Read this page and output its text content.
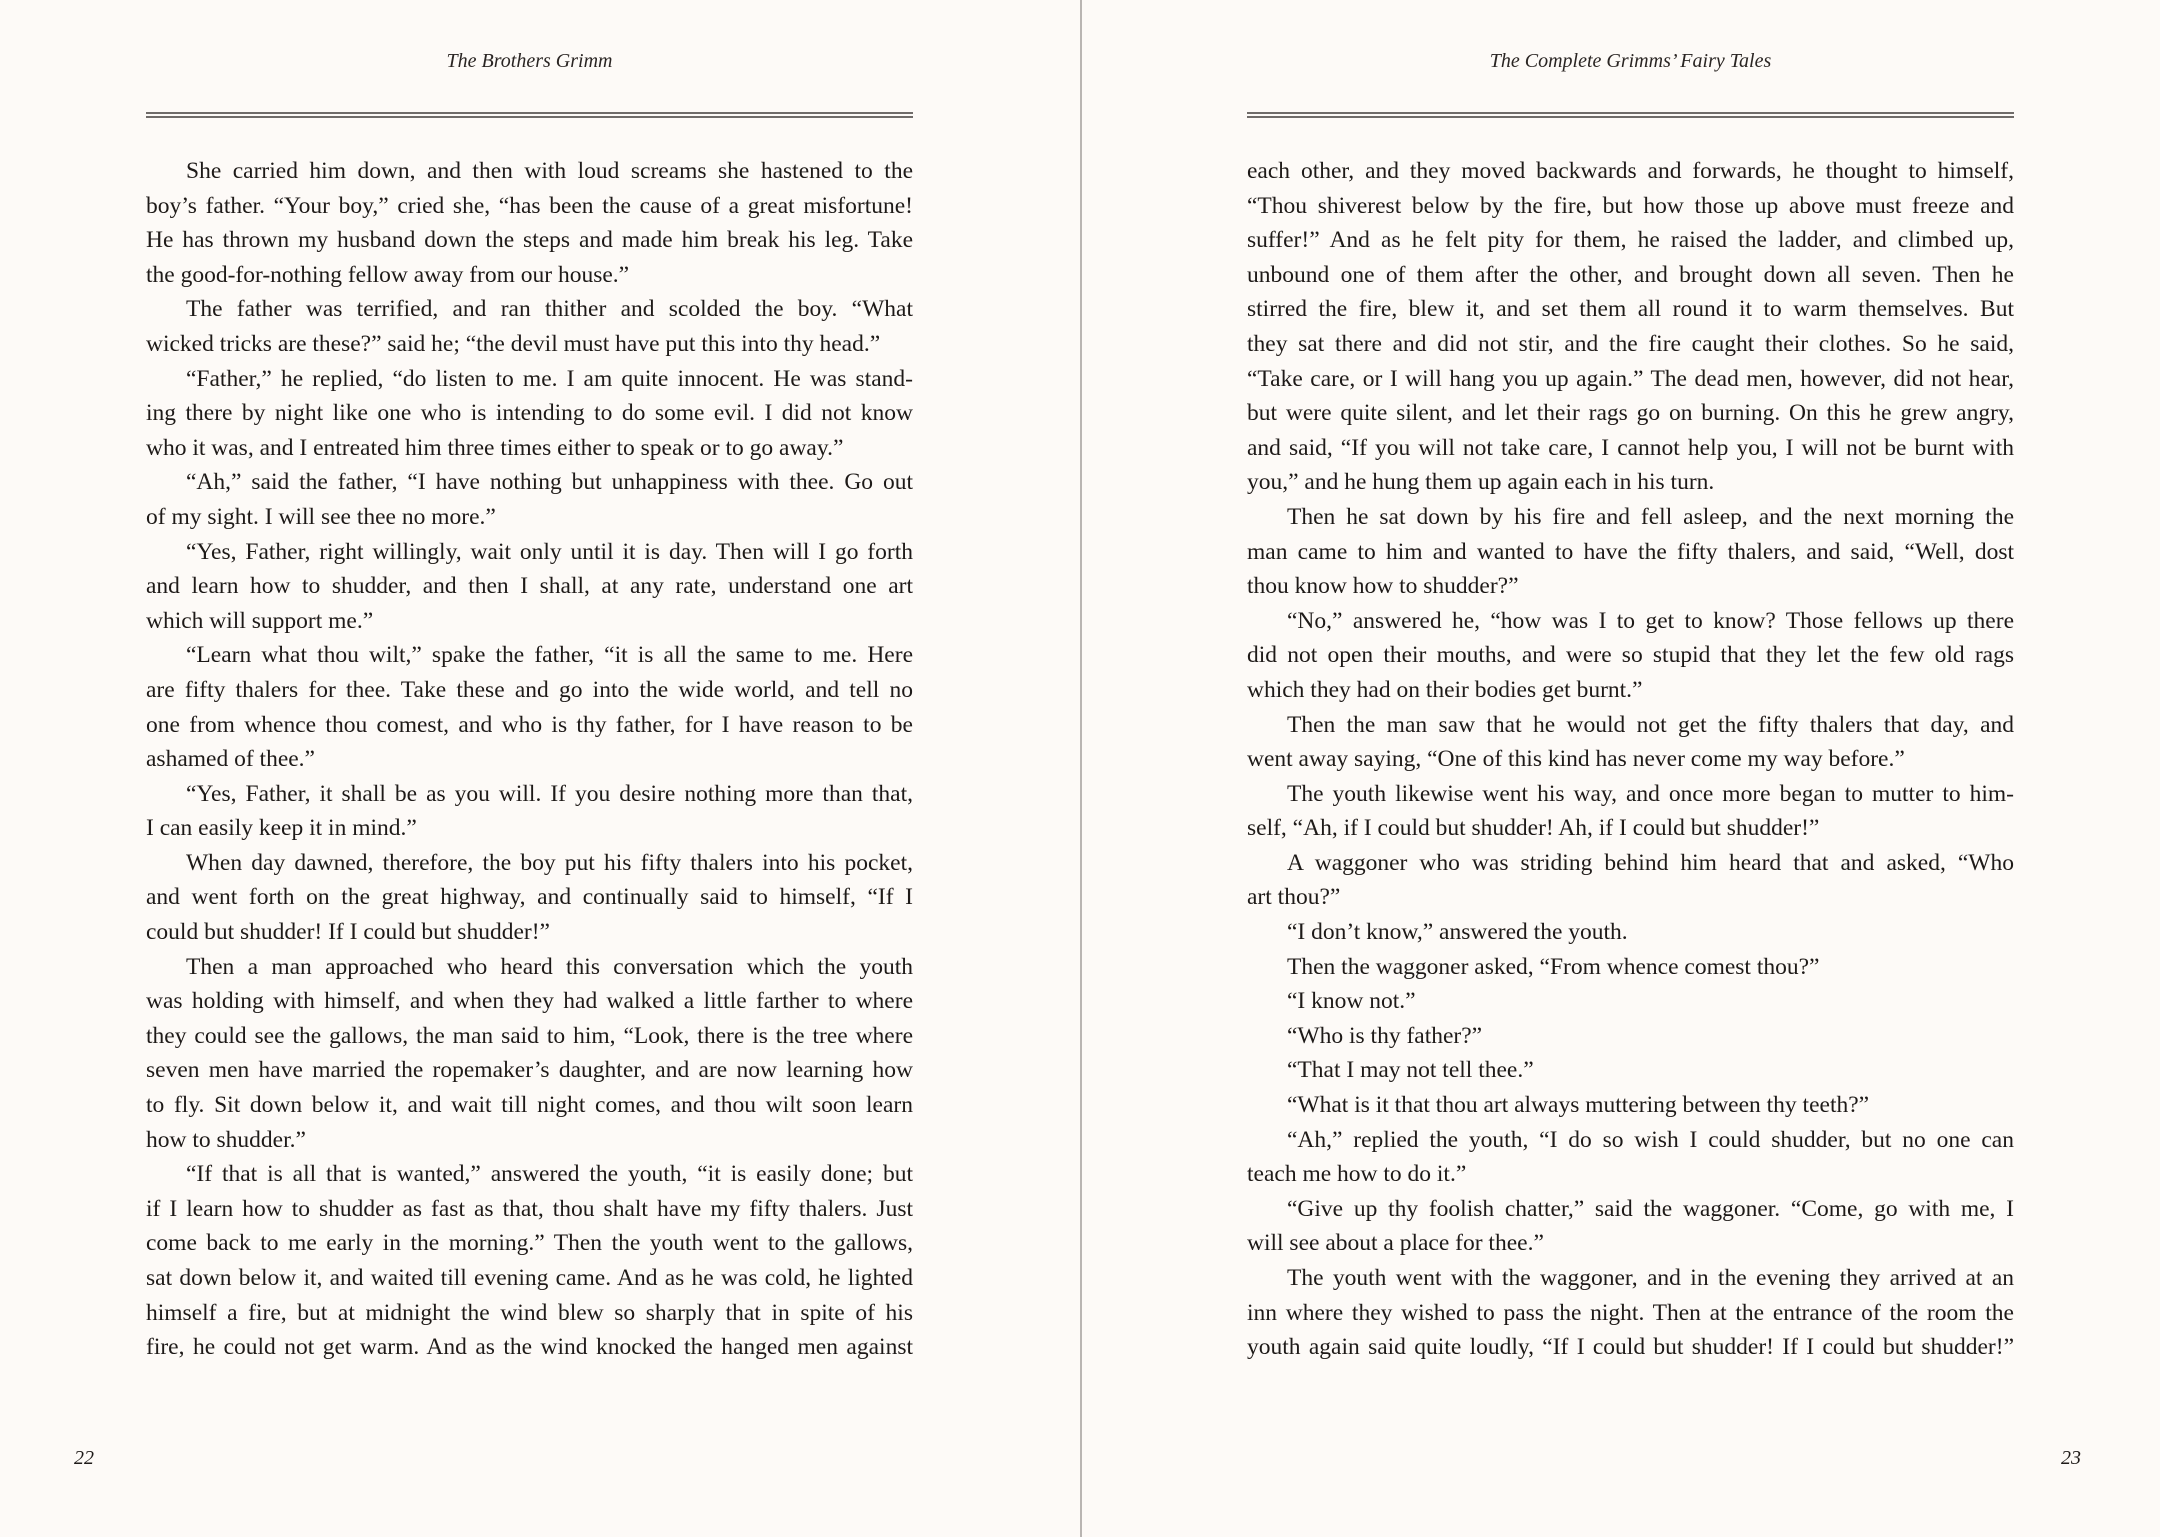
The Brothers Grimm
She carried him down, and then with loud screams she hastened to the
boy’s father. “Your boy,” cried she, “has been the cause of a great misfortune!
He has thrown my husband down the steps and made him break his leg. Take
the good-for-nothing fellow away from our house.”
The father was terrified, and ran thither and scolded the boy. “What
wicked tricks are these?” said he; “the devil must have put this into thy head.”
“Father,” he replied, “do listen to me. I am quite innocent. He was stand-
ing there by night like one who is intending to do some evil. I did not know
who it was, and I entreated him three times either to speak or to go away.”
“Ah,” said the father, “I have nothing but unhappiness with thee. Go out
of my sight. I will see thee no more.”
“Yes, Father, right willingly, wait only until it is day. Then will I go forth
and learn how to shudder, and then I shall, at any rate, understand one art
which will support me.”
“Learn what thou wilt,” spake the father, “it is all the same to me. Here
are fifty thalers for thee. Take these and go into the wide world, and tell no
one from whence thou comest, and who is thy father, for I have reason to be
ashamed of thee.”
“Yes, Father, it shall be as you will. If you desire nothing more than that,
I can easily keep it in mind.”
When day dawned, therefore, the boy put his fifty thalers into his pocket,
and went forth on the great highway, and continually said to himself, “If I
could but shudder! If I could but shudder!”
Then a man approached who heard this conversation which the youth
was holding with himself, and when they had walked a little farther to where
they could see the gallows, the man said to him, “Look, there is the tree where
seven men have married the ropemaker’s daughter, and are now learning how
to fly. Sit down below it, and wait till night comes, and thou wilt soon learn
how to shudder.”
“If that is all that is wanted,” answered the youth, “it is easily done; but
if I learn how to shudder as fast as that, thou shalt have my fifty thalers. Just
come back to me early in the morning.” Then the youth went to the gallows,
sat down below it, and waited till evening came. And as he was cold, he lighted
himself a fire, but at midnight the wind blew so sharply that in spite of his
fire, he could not get warm. And as the wind knocked the hanged men against
22
The Complete Grimms’ Fairy Tales
each other, and they moved backwards and forwards, he thought to himself,
“Thou shiverest below by the fire, but how those up above must freeze and
suffer!” And as he felt pity for them, he raised the ladder, and climbed up,
unbound one of them after the other, and brought down all seven. Then he
stirred the fire, blew it, and set them all round it to warm themselves. But
they sat there and did not stir, and the fire caught their clothes. So he said,
“Take care, or I will hang you up again.” The dead men, however, did not hear,
but were quite silent, and let their rags go on burning. On this he grew angry,
and said, “If you will not take care, I cannot help you, I will not be burnt with
you,” and he hung them up again each in his turn.
Then he sat down by his fire and fell asleep, and the next morning the
man came to him and wanted to have the fifty thalers, and said, “Well, dost
thou know how to shudder?”
“No,” answered he, “how was I to get to know? Those fellows up there
did not open their mouths, and were so stupid that they let the few old rags
which they had on their bodies get burnt.”
Then the man saw that he would not get the fifty thalers that day, and
went away saying, “One of this kind has never come my way before.”
The youth likewise went his way, and once more began to mutter to him-
self, “Ah, if I could but shudder! Ah, if I could but shudder!”
A waggoner who was striding behind him heard that and asked, “Who
art thou?”
“I don’t know,” answered the youth.
Then the waggoner asked, “From whence comest thou?”
“I know not.”
“Who is thy father?”
“That I may not tell thee.”
“What is it that thou art always muttering between thy teeth?”
“Ah,” replied the youth, “I do so wish I could shudder, but no one can
teach me how to do it.”
“Give up thy foolish chatter,” said the waggoner. “Come, go with me, I
will see about a place for thee.”
The youth went with the waggoner, and in the evening they arrived at an
inn where they wished to pass the night. Then at the entrance of the room the
youth again said quite loudly, “If I could but shudder! If I could but shudder!”
23
